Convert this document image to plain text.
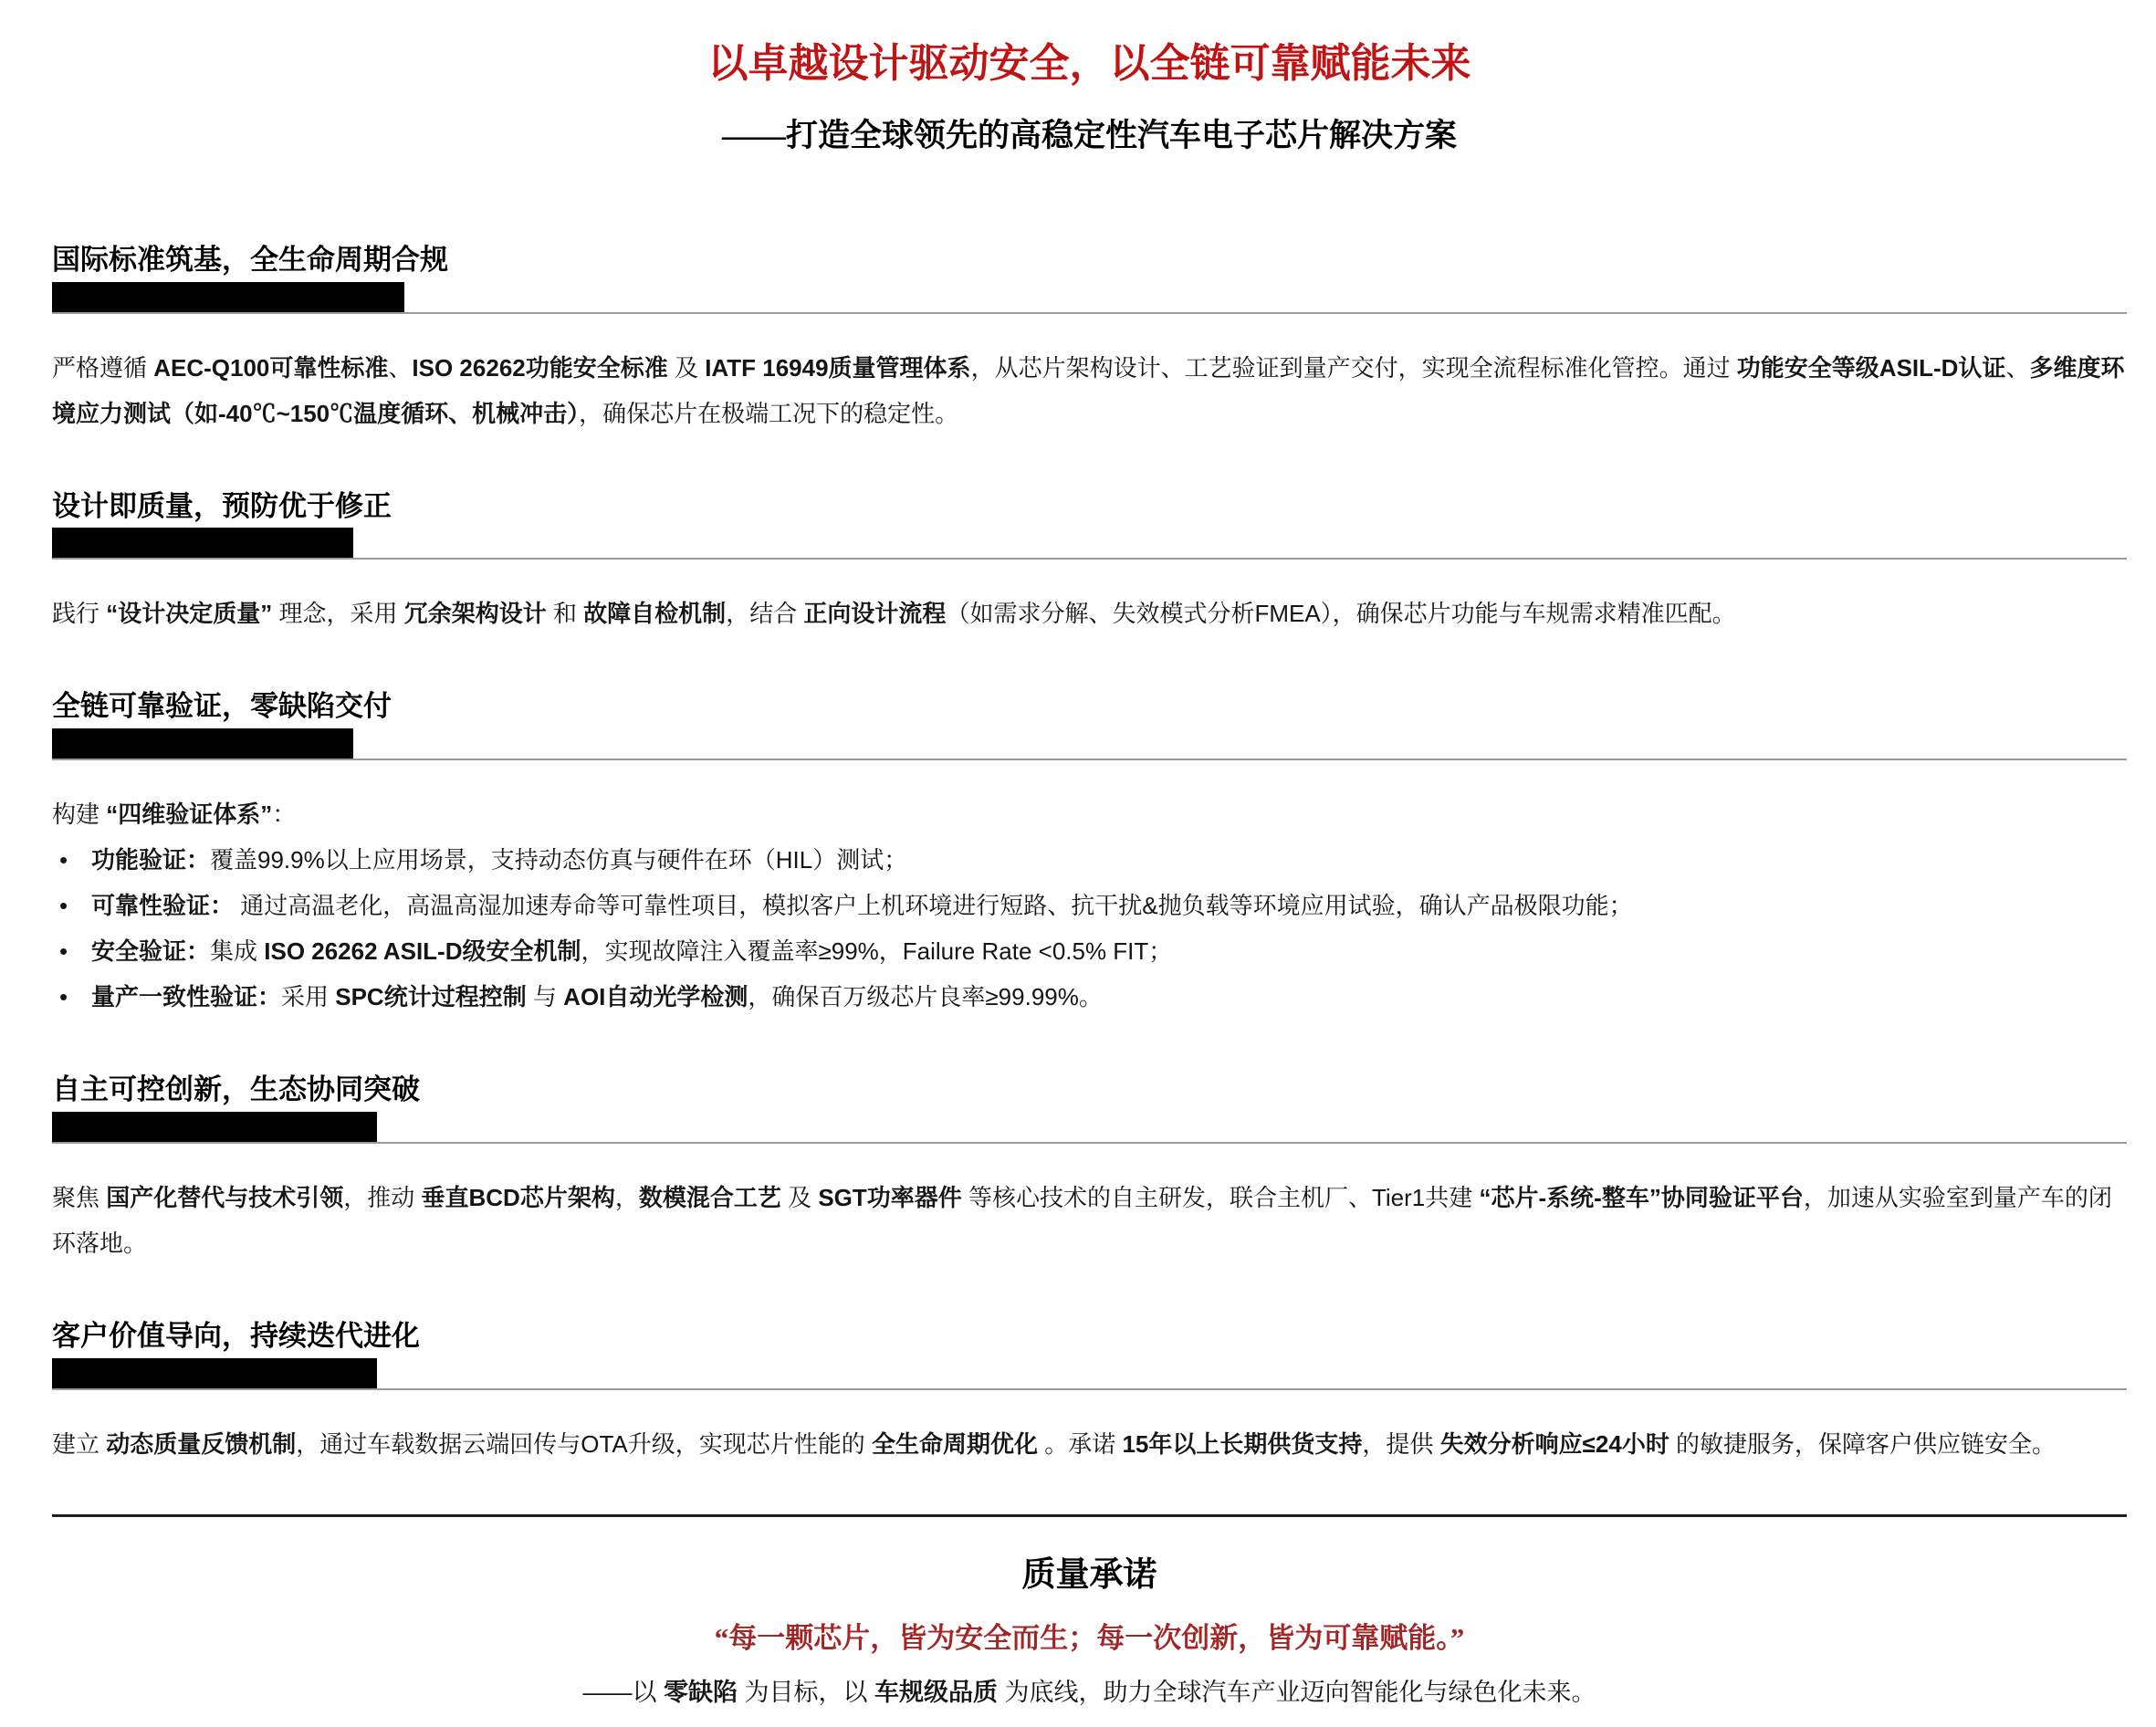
以卓越设计驱动安全，以全链可靠赋能未来
——打造全球领先的高稳定性汽车电子芯片解决方案
国际标准筑基，全生命周期合规

严格遵循 AEC-Q100可靠性标准、ISO 26262功能安全标准 及 IATF 16949质量管理体系，从芯片架构设计、工艺验证到量产交付，实现全流程标准化管控。通过 功能安全等级ASIL-D认证、多维度环境应力测试（如-40℃~150℃温度循环、机械冲击），确保芯片在极端工况下的稳定性。

设计即质量，预防优于修正

践行 “设计决定质量” 理念，采用 冗余架构设计 和 故障自检机制，结合 正向设计流程（如需求分解、失效模式分析FMEA），确保芯片功能与车规需求精准匹配。

全链可靠验证，零缺陷交付

构建 “四维验证体系”：

• 功能验证：覆盖99.9%以上应用场景，支持动态仿真与硬件在环（HIL）测试；
• 可靠性验证： 通过高温老化，高温高湿加速寿命等可靠性项目，模拟客户上机环境进行短路、抗干扰&抛负载等环境应用试验，确认产品极限功能；
• 安全验证：集成 ISO 26262 ASIL-D级安全机制，实现故障注入覆盖率≥99%，Failure Rate <0.5% FIT；
• 量产一致性验证：采用 SPC统计过程控制 与 AOI自动光学检测，确保百万级芯片良率≥99.99%。
自主可控创新，生态协同突破

聚焦 国产化替代与技术引领，推动 垂直BCD芯片架构，数模混合工艺 及 SGT功率器件 等核心技术的自主研发，联合主机厂、Tier1共建 “芯片-系统-整车”协同验证平台，加速从实验室到量产车的闭环落地。

客户价值导向，持续迭代进化

建立 动态质量反馈机制，通过车载数据云端回传与OTA升级，实现芯片性能的 全生命周期优化 。承诺 15年以上长期供货支持，提供 失效分析响应≤24小时 的敏捷服务，保障客户供应链安全。

质量承诺
“每一颗芯片，皆为安全而生；每一次创新，皆为可靠赋能。”
——以 零缺陷 为目标，以 车规级品质 为底线，助力全球汽车产业迈向智能化与绿色化未来。
